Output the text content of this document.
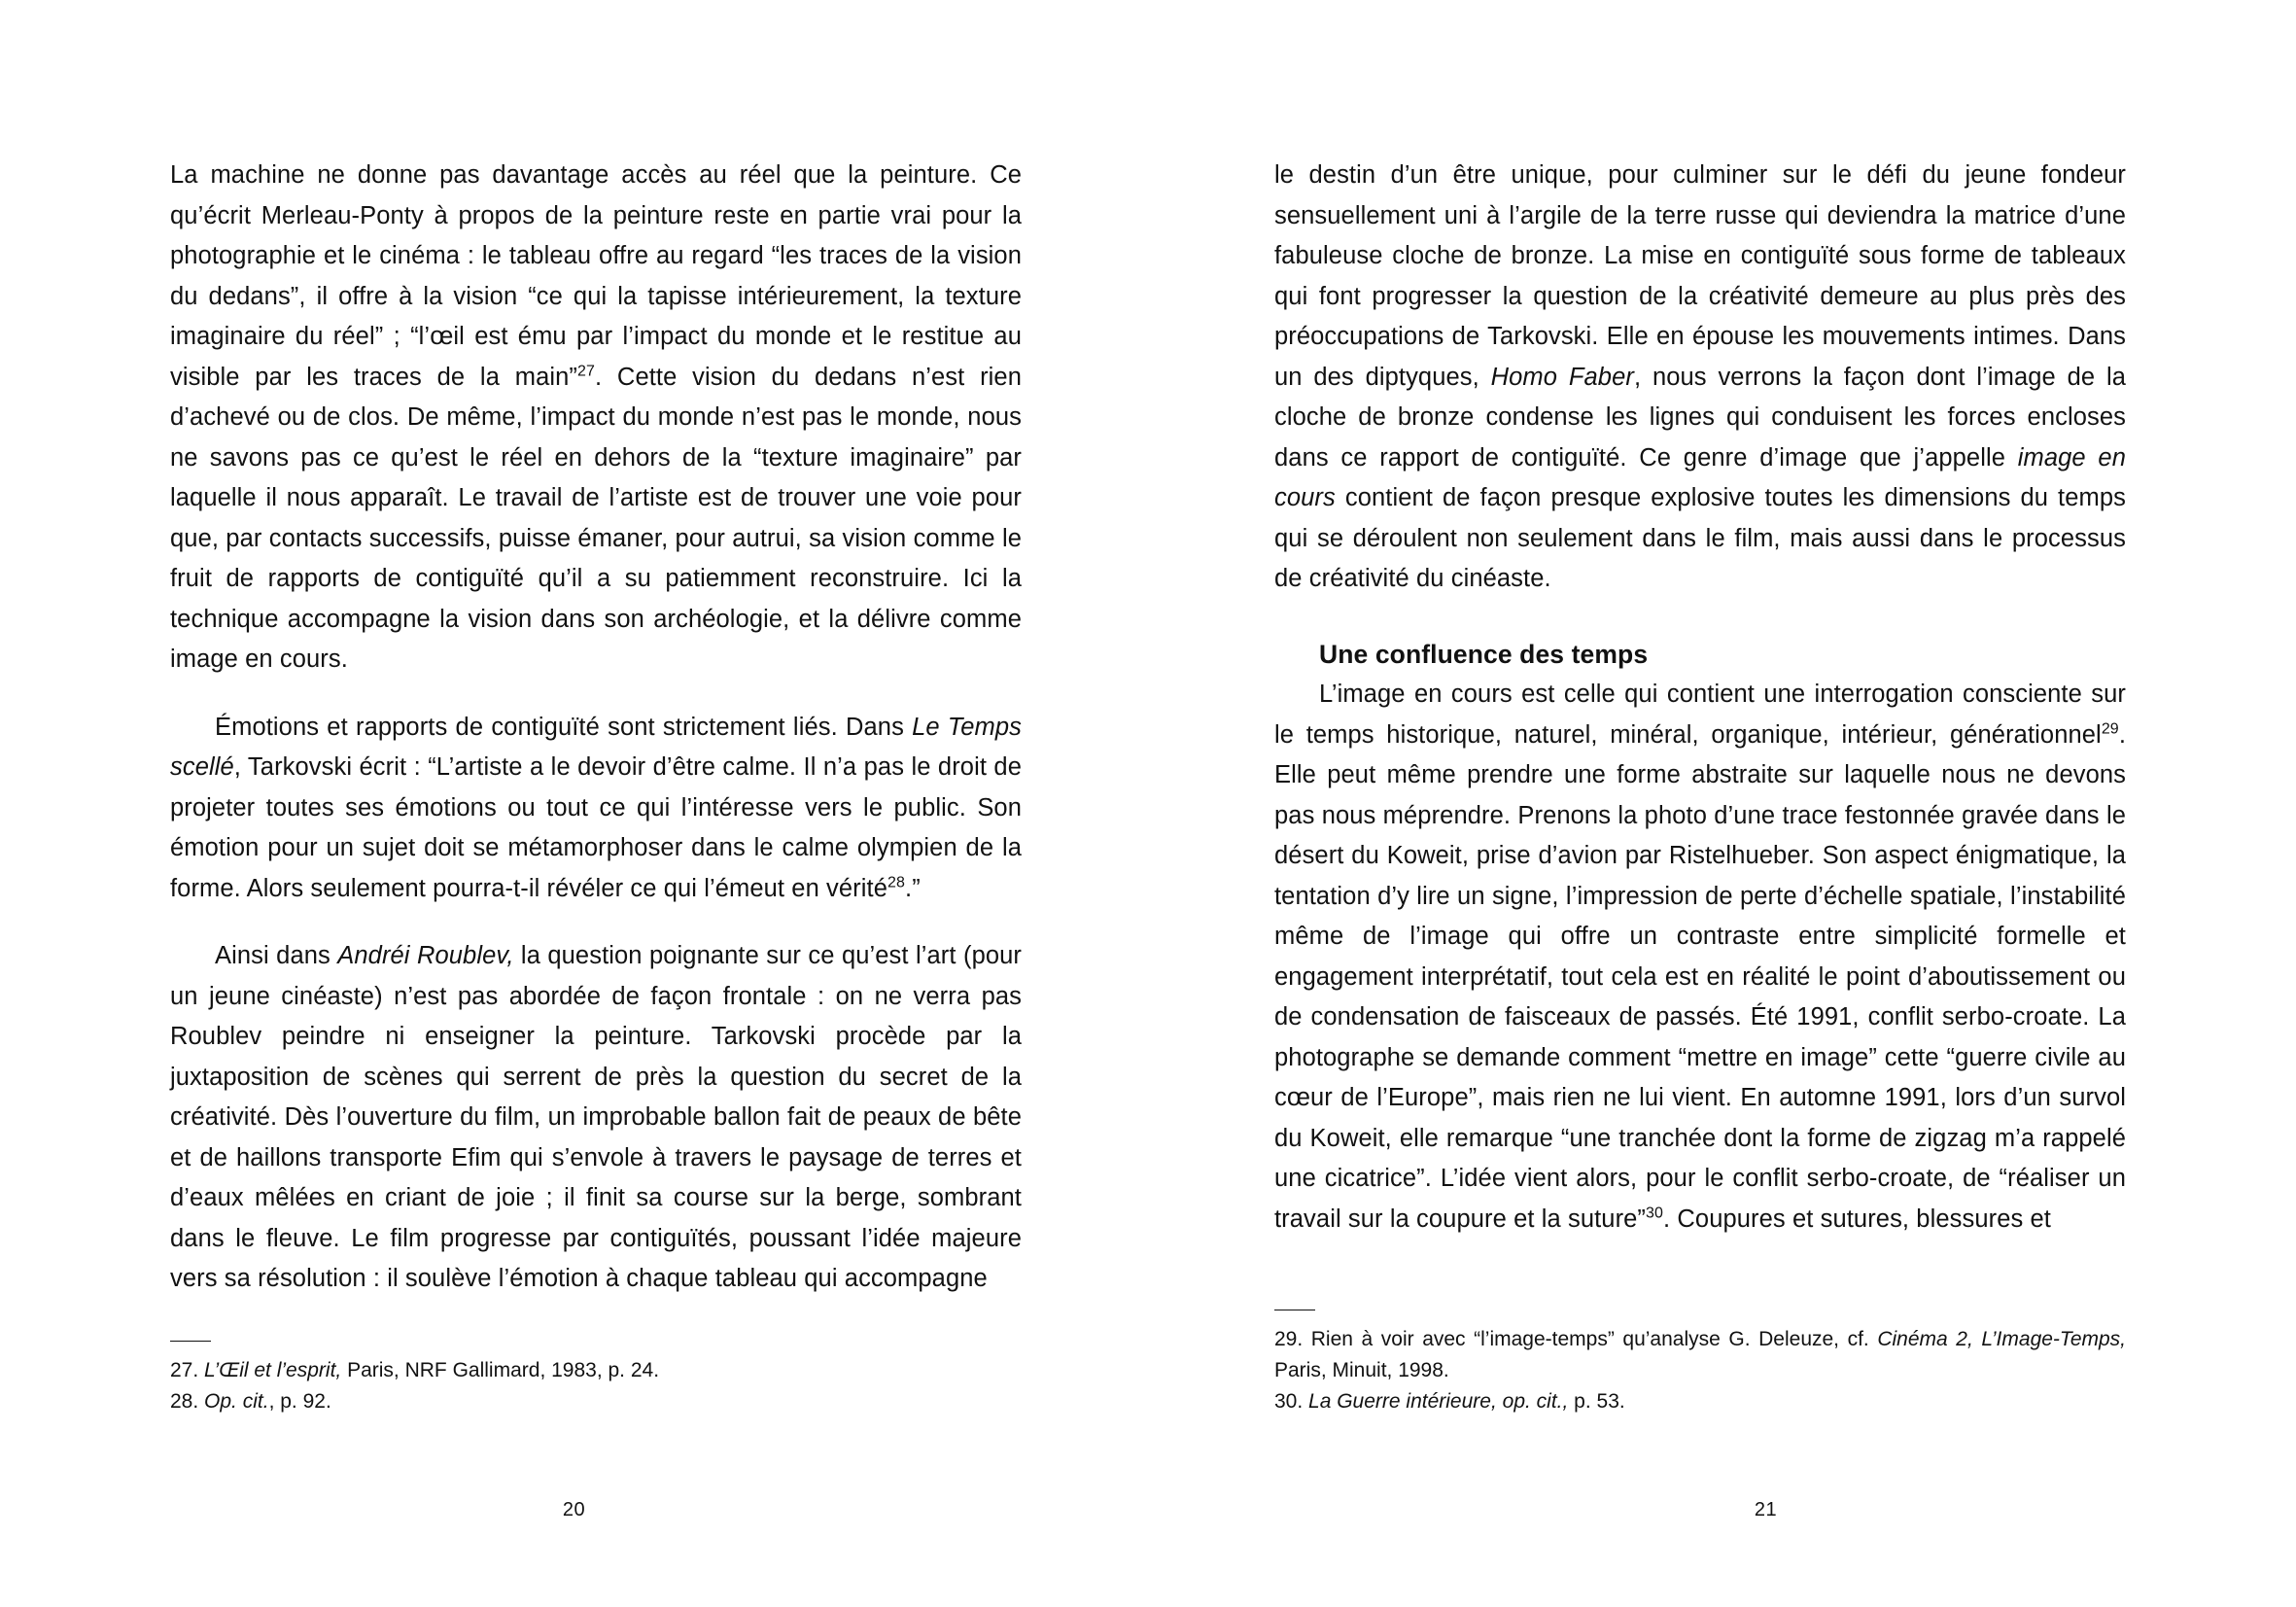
La machine ne donne pas davantage accès au réel que la peinture. Ce qu’écrit Merleau-Ponty à propos de la peinture reste en partie vrai pour la photographie et le cinéma : le tableau offre au regard “les traces de la vision du dedans”, il offre à la vision “ce qui la tapisse intérieurement, la texture imaginaire du réel” ; “l’œil est ému par l’impact du monde et le restitue au visible par les traces de la main”$^{27}$. Cette vision du dedans n’est rien d’achevé ou de clos. De même, l’impact du monde n’est pas le monde, nous ne savons pas ce qu’est le réel en dehors de la “texture imaginaire” par laquelle il nous apparaît. Le travail de l’artiste est de trouver une voie pour que, par contacts successifs, puisse émaner, pour autrui, sa vision comme le fruit de rapports de contiguïté qu’il a su patiemment reconstruire. Ici la technique accompagne la vision dans son archéologie, et la délivre comme image en cours.

Émotions et rapports de contiguïté sont strictement liés. Dans Le Temps scellé, Tarkovski écrit : “L’artiste a le devoir d’être calme. Il n’a pas le droit de projeter toutes ses émotions ou tout ce qui l’intéresse vers le public. Son émotion pour un sujet doit se métamorphoser dans le calme olympien de la forme. Alors seulement pourra-t-il révéler ce qui l’émeut en vérité$^{28}$.”

Ainsi dans Andréi Roublev, la question poignante sur ce qu’est l’art (pour un jeune cinéaste) n’est pas abordée de façon frontale : on ne verra pas Roublev peindre ni enseigner la peinture. Tarkovski procède par la juxtaposition de scènes qui serrent de près la question du secret de la créativité. Dès l’ouverture du film, un improbable ballon fait de peaux de bête et de haillons transporte Efim qui s’envole à travers le paysage de terres et d’eaux mêlées en criant de joie ; il finit sa course sur la berge, sombrant dans le fleuve. Le film progresse par contiguïtés, poussant l’idée majeure vers sa résolution : il soulève l’émotion à chaque tableau qui accompagne

27. L’Œil et l’esprit, Paris, NRF Gallimard, 1983, p. 24.

28. Op. cit., p. 92.

20

le destin d’un être unique, pour culminer sur le défi du jeune fondeur sensuellement uni à l’argile de la terre russe qui deviendra la matrice d’une fabuleuse cloche de bronze. La mise en contiguïté sous forme de tableaux qui font progresser la question de la créativité demeure au plus près des préoccupations de Tarkovski. Elle en épouse les mouvements intimes. Dans un des diptyques, Homo Faber, nous verrons la façon dont l’image de la cloche de bronze condense les lignes qui conduisent les forces encloses dans ce rapport de contiguïté. Ce genre d’image que j’appelle image en cours contient de façon presque explosive toutes les dimensions du temps qui se déroulent non seulement dans le film, mais aussi dans le processus de créativité du cinéaste.

Une confluence des temps

L’image en cours est celle qui contient une interrogation consciente sur le temps historique, naturel, minéral, organique, intérieur, générationnel$^{29}$. Elle peut même prendre une forme abstraite sur laquelle nous ne devons pas nous méprendre. Prenons la photo d’une trace festonnée gravée dans le désert du Koweit, prise d’avion par Ristelhueber. Son aspect énigmatique, la tentation d’y lire un signe, l’impression de perte d’échelle spatiale, l’instabilité même de l’image qui offre un contraste entre simplicité formelle et engagement interprétatif, tout cela est en réalité le point d’aboutissement ou de condensation de faisceaux de passés. Été 1991, conflit serbo-croate. La photographe se demande comment “mettre en image” cette “guerre civile au cœur de l’Europe”, mais rien ne lui vient. En automne 1991, lors d’un survol du Koweit, elle remarque “une tranchée dont la forme de zigzag m’a rappelé une cicatrice”. L’idée vient alors, pour le conflit serbo-croate, de “réaliser un travail sur la coupure et la suture”$^{30}$. Coupures et sutures, blessures et

29. Rien à voir avec “l’image-temps” qu’analyse G. Deleuze, cf. Cinéma 2, L’Image-Temps, Paris, Minuit, 1998.

30. La Guerre intérieure, op. cit., p. 53.

21
